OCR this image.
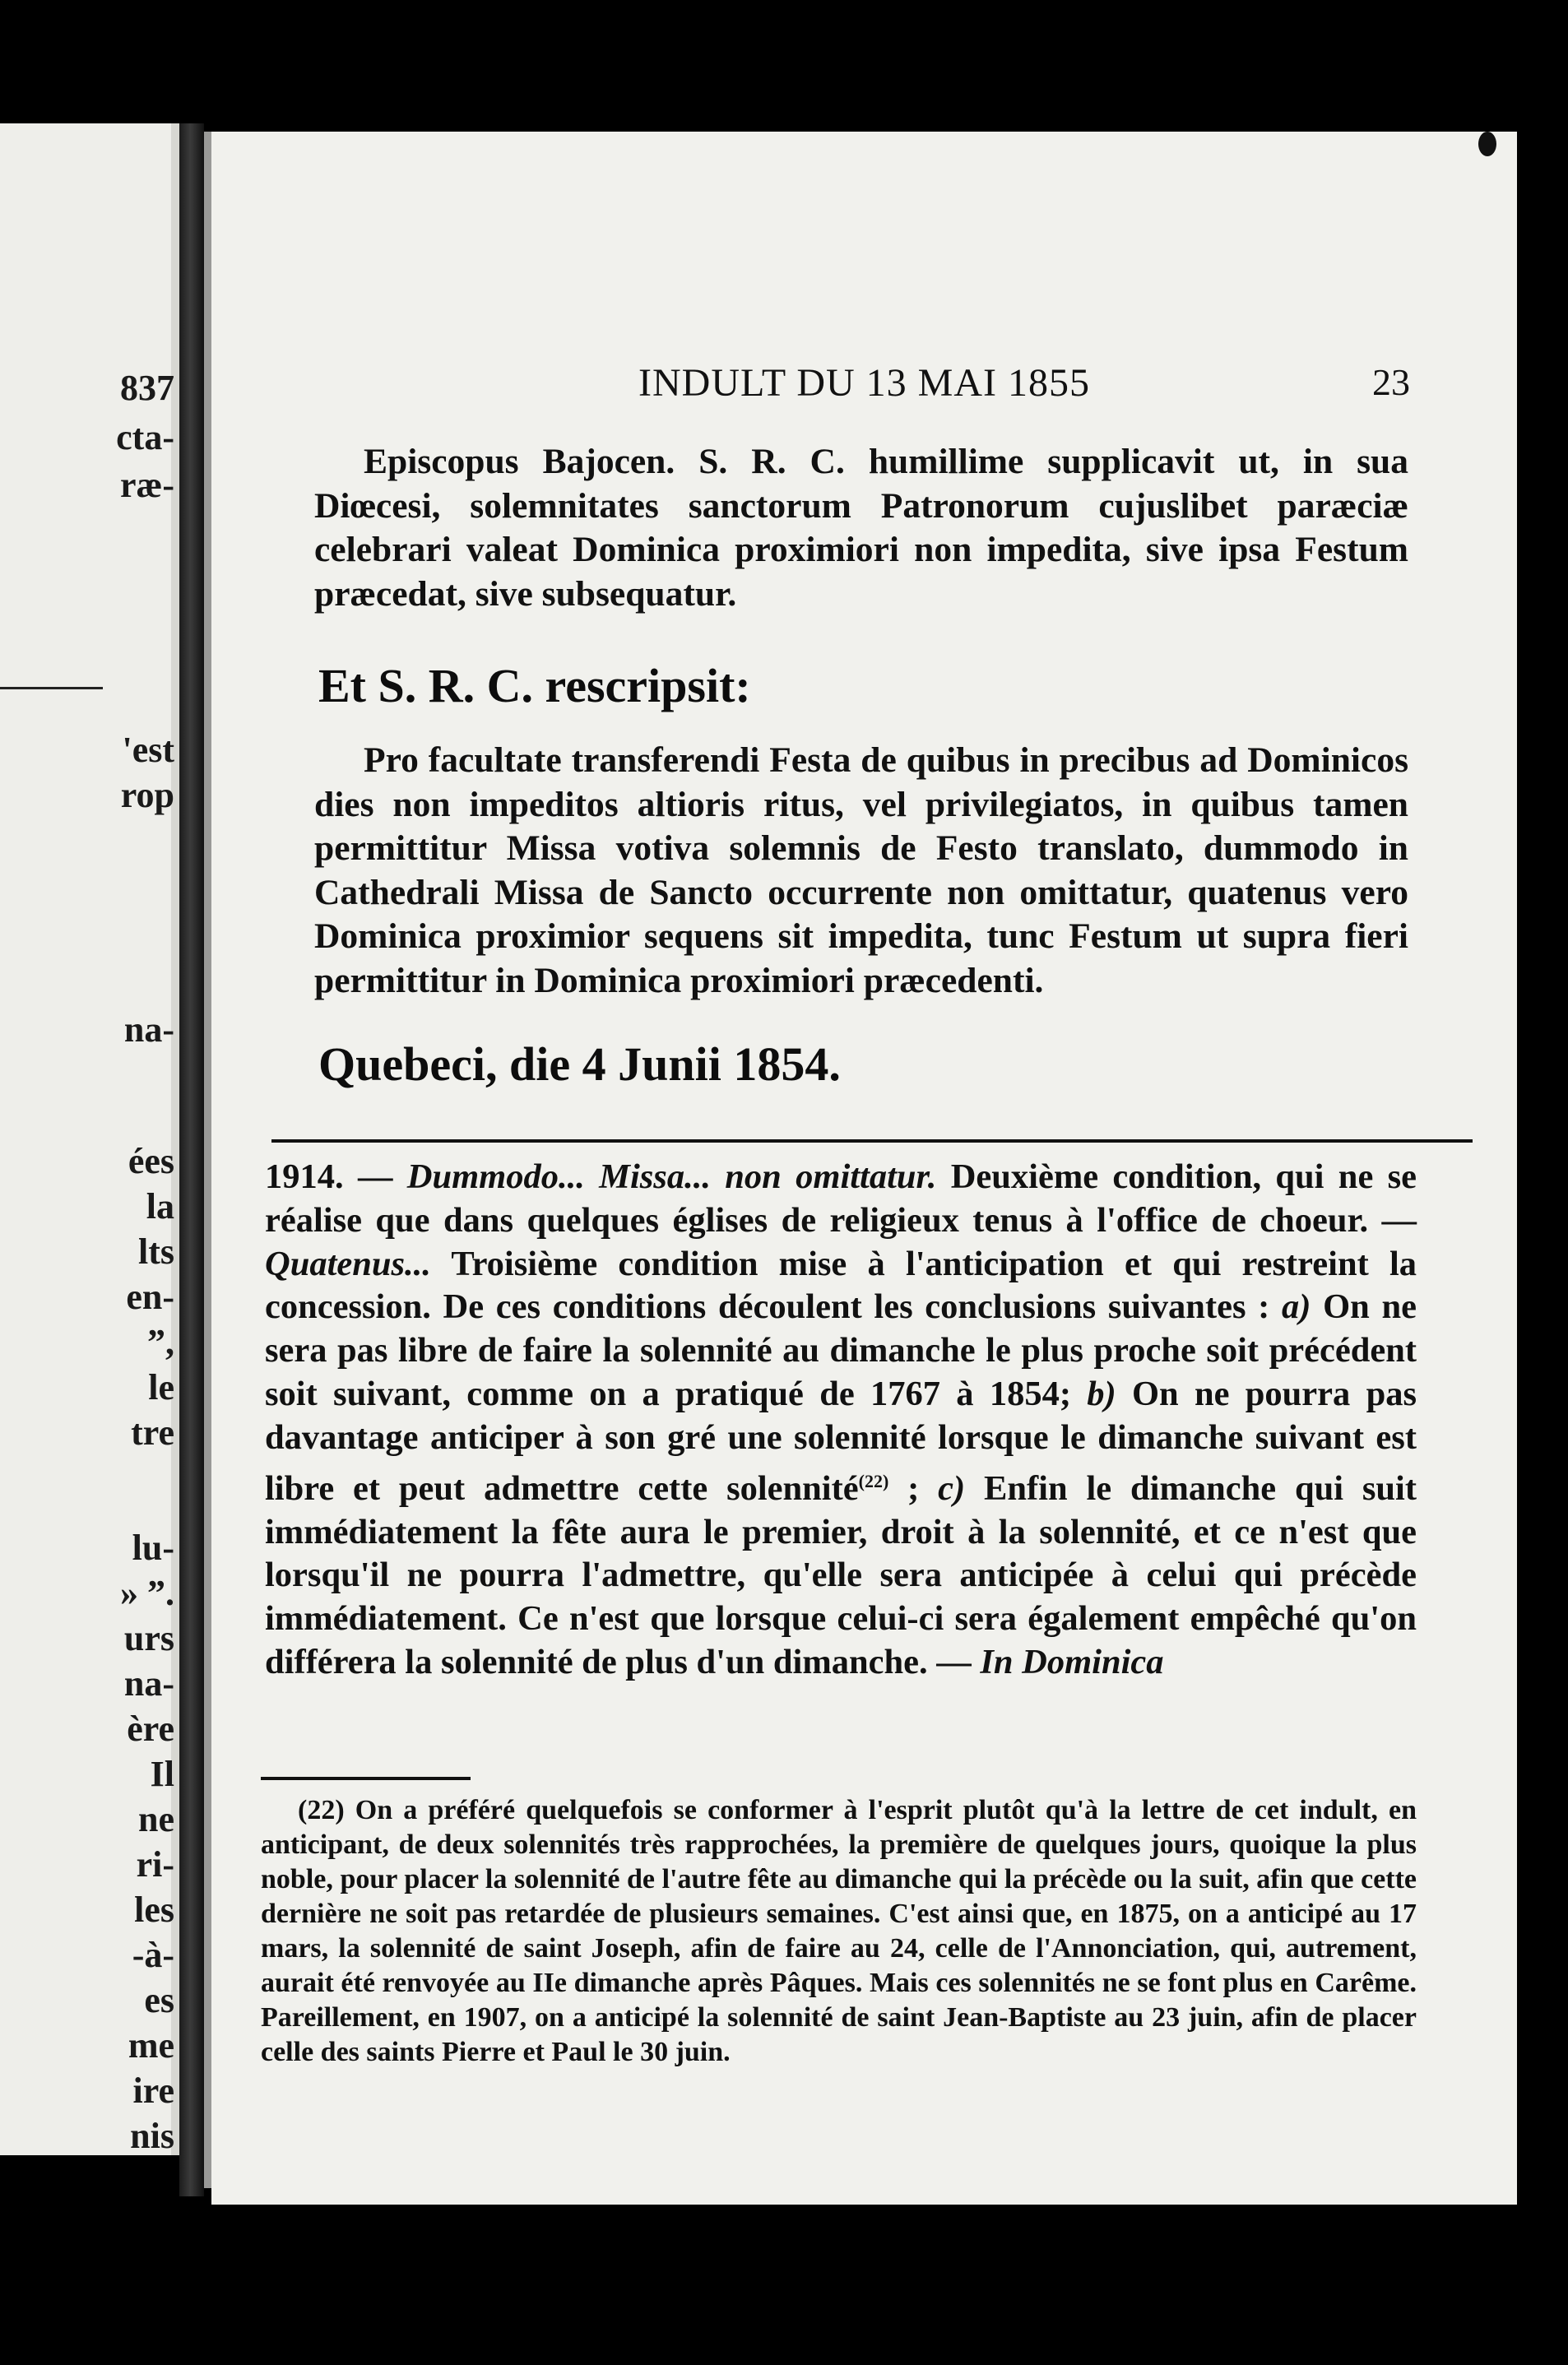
837
cta-
ræ-
'est
rop
na-
ées
la
lts
en-
”,
le
tre
lu-
» ”.
urs
na-
ère
Il
ne
ri-
les
-à-
es
me
ire
nis
INDULT DU 13 MAI 1855	23

Episcopus Bajocen. S. R. C. humillime supplicavit ut, in sua Diœcesi, solemnitates sanctorum Patronorum cujuslibet paræciæ celebrari valeat Dominica proximiori non impedita, sive ipsa Festum præcedat, sive subsequatur.

Et S. R. C. rescripsit:

Pro facultate transferendi Festa de quibus in precibus ad Dominicos dies non impeditos altioris ritus, vel privilegiatos, in quibus tamen permittitur Missa votiva solemnis de Festo translato, dummodo in Cathedrali Missa de Sancto occurrente non omittatur, quatenus vero Dominica proximior sequens sit impedita, tunc Festum ut supra fieri permittitur in Dominica proximiori præcedenti.

Quebeci, die 4 Junii 1854.

1914. — Dummodo... Missa... non omittatur. Deuxième condition, qui ne se réalise que dans quelques églises de religieux tenus à l'office de choeur. — Quatenus... Troisième condition mise à l'anticipation et qui restreint la concession. De ces conditions découlent les conclusions suivantes : a) On ne sera pas libre de faire la solennité au dimanche le plus proche soit précédent soit suivant, comme on a pratiqué de 1767 à 1854; b) On ne pourra pas davantage anticiper à son gré une solennité lorsque le dimanche suivant est libre et peut admettre cette solennité$^{(22)}$ ; c) Enfin le dimanche qui suit immédiatement la fête aura le premier, droit à la solennité, et ce n'est que lorsqu'il ne pourra l'admettre, qu'elle sera anticipée à celui qui précède immédiatement. Ce n'est que lorsque celui-ci sera également empêché qu'on différera la solennité de plus d'un dimanche. — In Dominica

(22) On a préféré quelquefois se conformer à l'esprit plutôt qu'à la lettre de cet indult, en anticipant, de deux solennités très rapprochées, la première de quelques jours, quoique la plus noble, pour placer la solennité de l'autre fête au dimanche qui la précède ou la suit, afin que cette dernière ne soit pas retardée de plusieurs semaines. C'est ainsi que, en 1875, on a anticipé au 17 mars, la solennité de saint Joseph, afin de faire au 24, celle de l'Annonciation, qui, autrement, aurait été renvoyée au IIe dimanche après Pâques. Mais ces solennités ne se font plus en Carême. Pareillement, en 1907, on a anticipé la solennité de saint Jean-Baptiste au 23 juin, afin de placer celle des saints Pierre et Paul le 30 juin.
